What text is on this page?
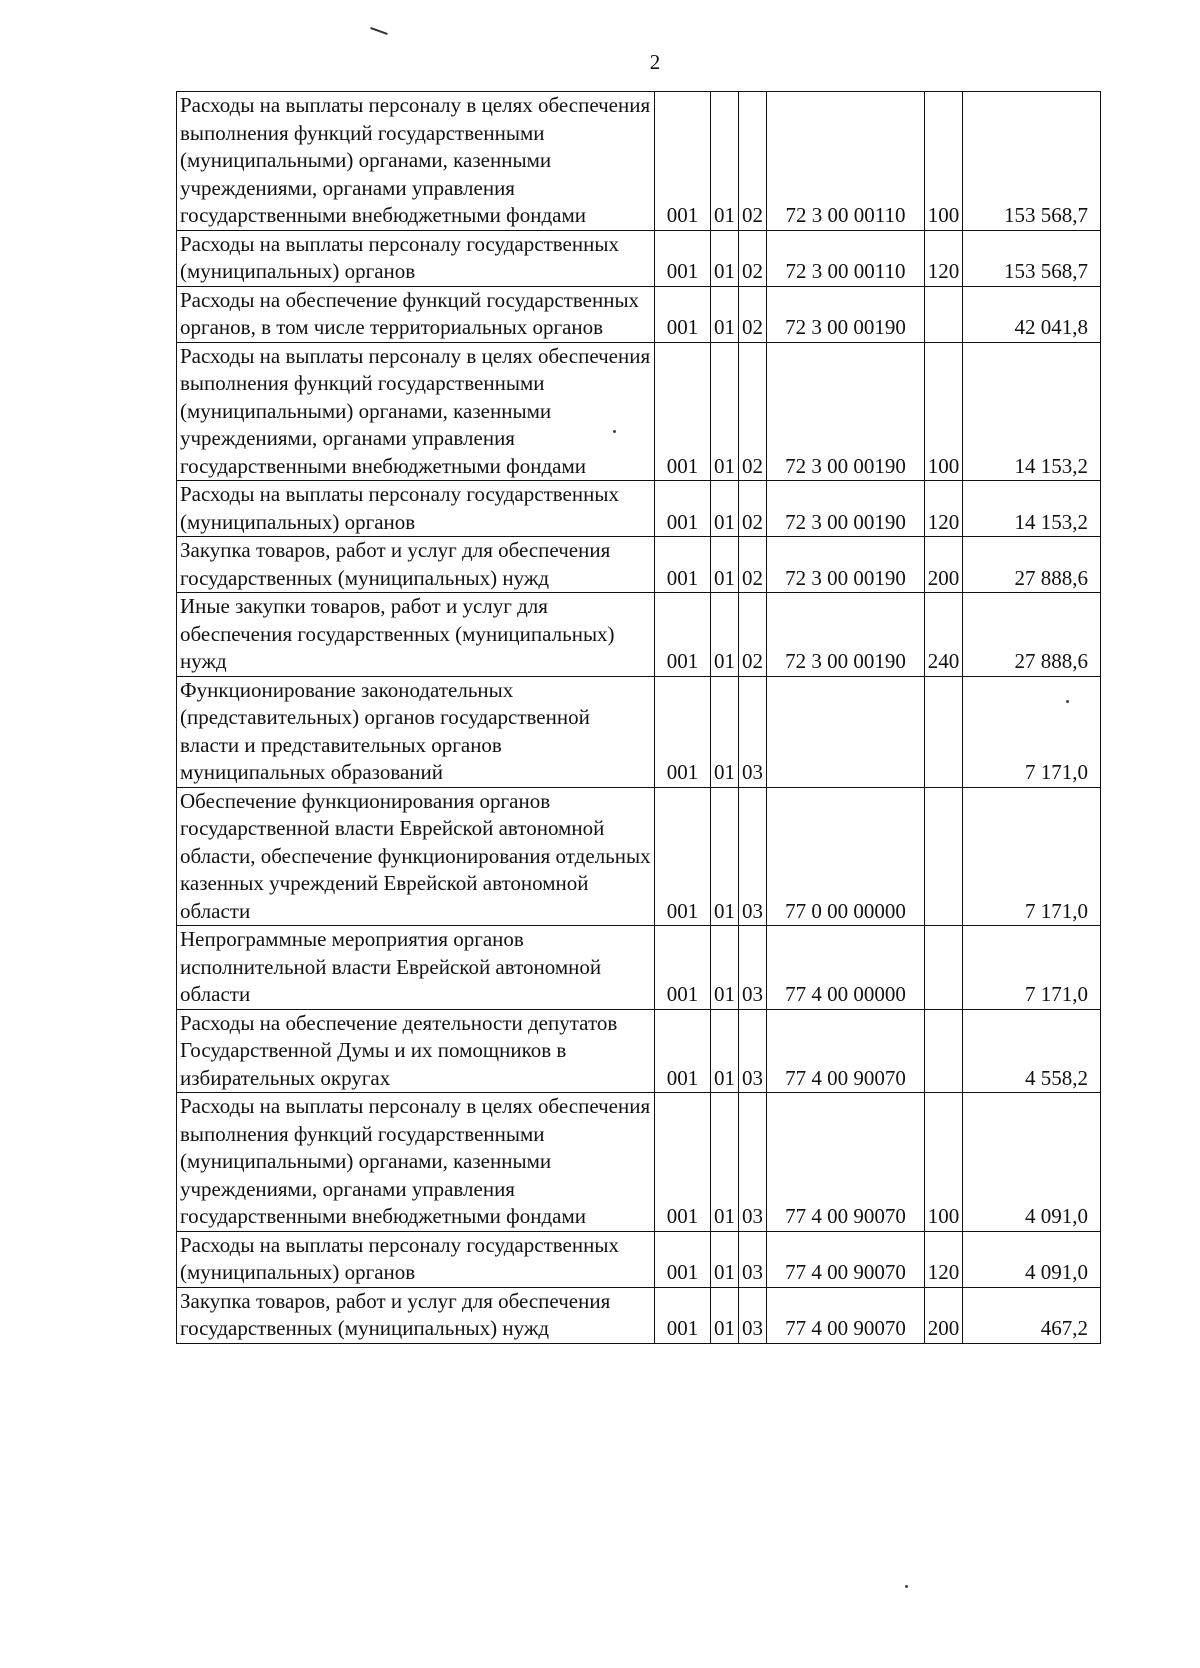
2
Расходы на выплаты персоналу в целях обеспечения выполнения функций государственными (муниципальными) органами, казенными учреждениями, органами управления государственными внебюджетными фондами	001	01	02	72 3 00 00110	100	153 568,7
Расходы на выплаты персоналу государственных (муниципальных) органов	001	01	02	72 3 00 00110	120	153 568,7
Расходы на обеспечение функций государственных органов, в том числе территориальных органов	001	01	02	72 3 00 00190		42 041,8
Расходы на выплаты персоналу в целях обеспечения выполнения функций государственными (муниципальными) органами, казенными учреждениями, органами управления государственными внебюджетными фондами	001	01	02	72 3 00 00190	100	14 153,2
Расходы на выплаты персоналу государственных (муниципальных) органов	001	01	02	72 3 00 00190	120	14 153,2
Закупка товаров, работ и услуг для обеспечения государственных (муниципальных) нужд	001	01	02	72 3 00 00190	200	27 888,6
Иные закупки товаров, работ и услуг для обеспечения государственных (муниципальных) нужд	001	01	02	72 3 00 00190	240	27 888,6
Функционирование законодательных (представительных) органов государственной власти и представительных органов муниципальных образований	001	01	03			7 171,0
Обеспечение функционирования органов государственной власти Еврейской автономной области, обеспечение функционирования отдельных казенных учреждений Еврейской автономной области	001	01	03	77 0 00 00000		7 171,0
Непрограммные мероприятия органов исполнительной власти Еврейской автономной области	001	01	03	77 4 00 00000		7 171,0
Расходы на обеспечение деятельности депутатов Государственной Думы и их помощников в избирательных округах	001	01	03	77 4 00 90070		4 558,2
Расходы на выплаты персоналу в целях обеспечения выполнения функций государственными (муниципальными) органами, казенными учреждениями, органами управления государственными внебюджетными фондами	001	01	03	77 4 00 90070	100	4 091,0
Расходы на выплаты персоналу государственных (муниципальных) органов	001	01	03	77 4 00 90070	120	4 091,0
Закупка товаров, работ и услуг для обеспечения государственных (муниципальных) нужд	001	01	03	77 4 00 90070	200	467,2
